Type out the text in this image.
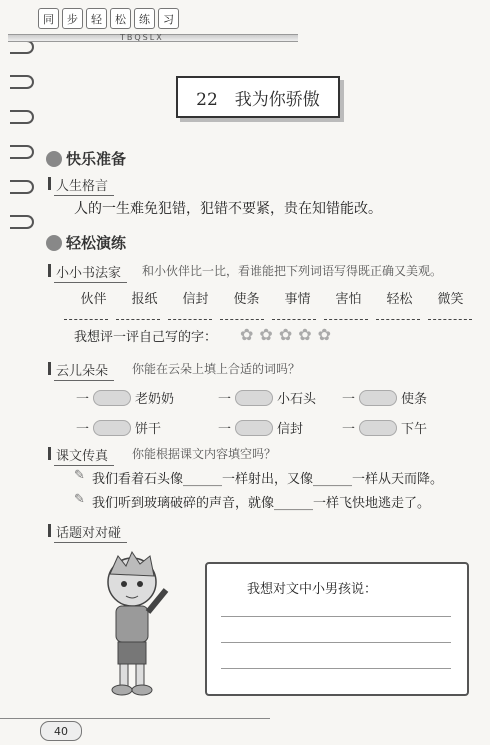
同	步	轻	松	练	习
TBQSLX
22　我为你骄傲
快乐准备
人生格言
人的一生难免犯错，犯错不要紧，贵在知错能改。
轻松演练
小小书法家 和小伙伴比一比，看谁能把下列词语写得既正确又美观。
伙伴	报纸	信封	使条	事情	害怕	轻松	微笑
我想评一评自己写的字： ✿ ✿ ✿ ✿ ✿
云儿朵朵 你能在云朵上填上合适的词吗？
一	老奶奶	一	小石头 一	使条
一	饼干	一	信封	一	下午
课文传真 你能根据课文内容填空吗？
✎ 我们看着石头像______一样射出，又像______一样从天而降。
✎ 我们听到玻璃破碎的声音，就像______一样飞快地逃走了。
话题对对碰
我想对文中小男孩说：
40
